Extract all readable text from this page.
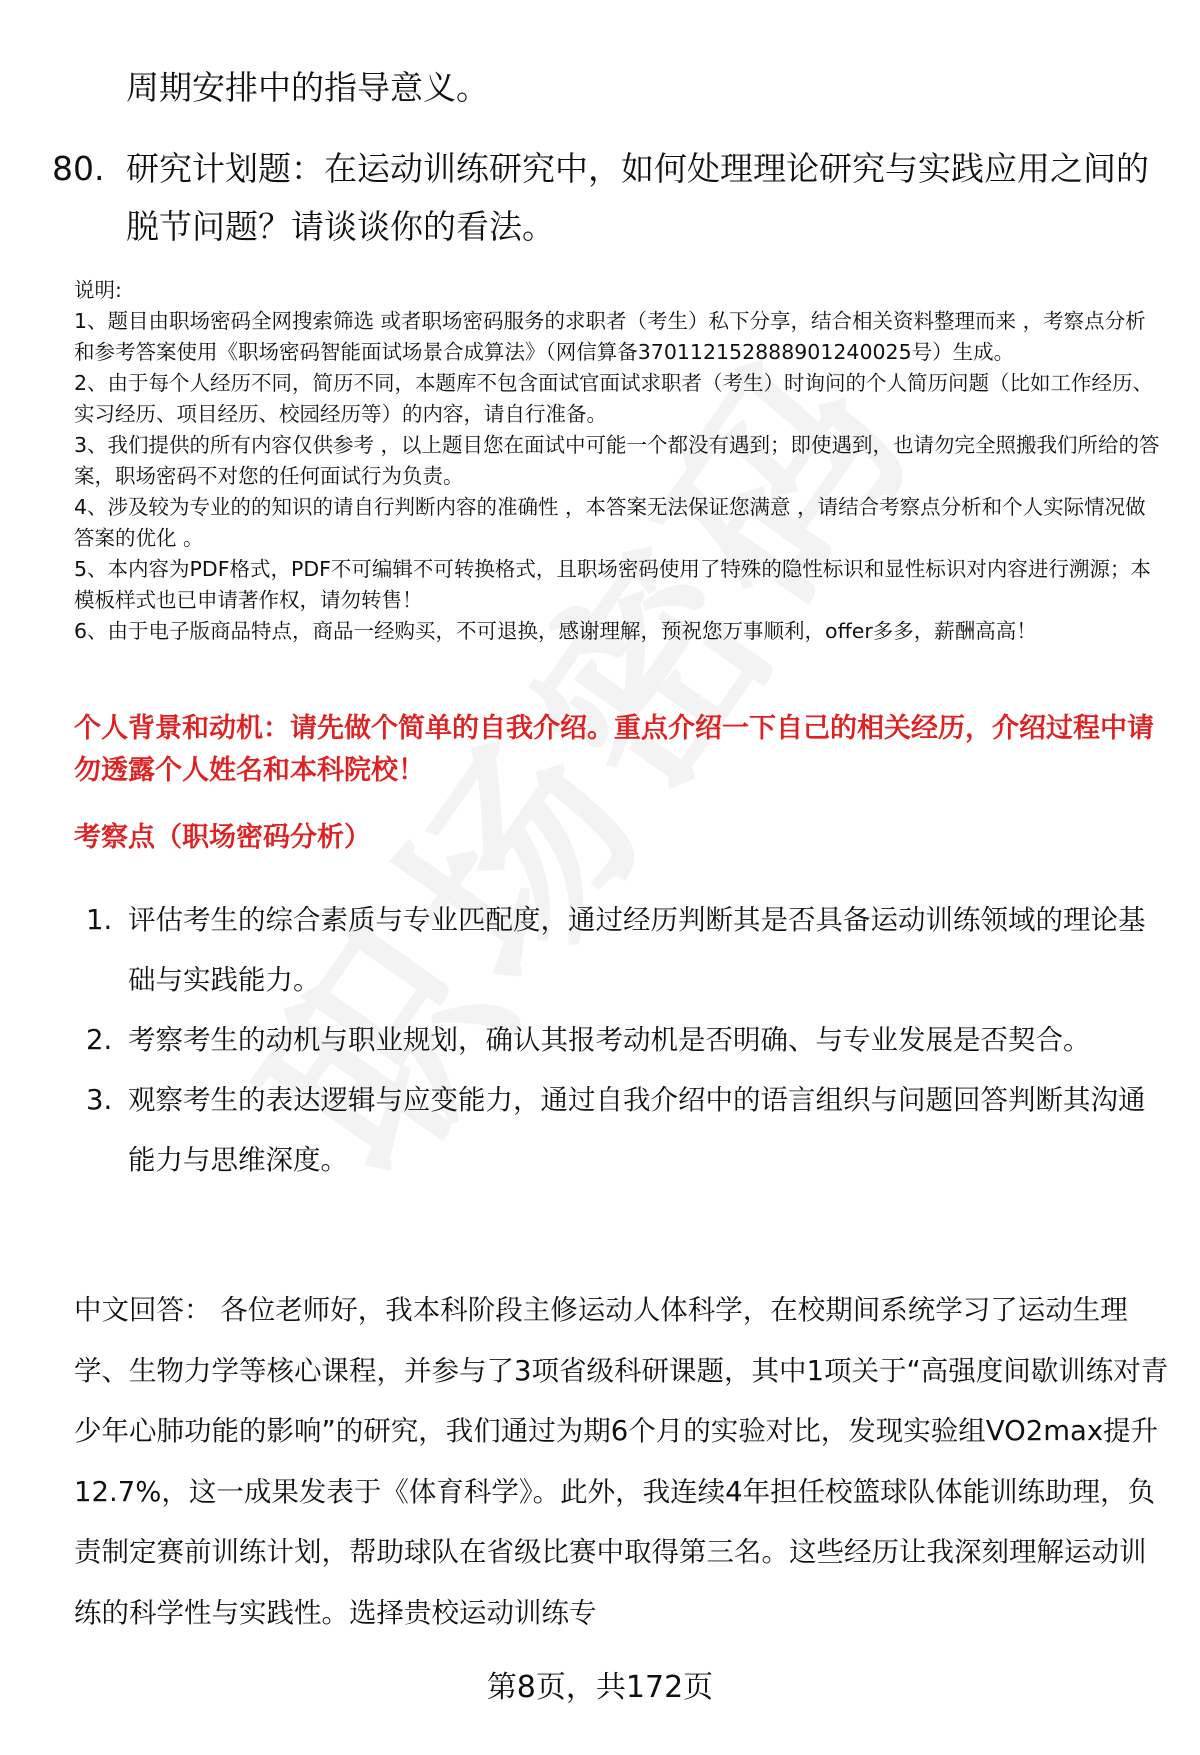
周期安排中的指导意义。
80. 研究计划题：在运动训练研究中，如何处理理论研究与实践应用之间的脱节问题？请谈谈你的看法。

说明:

1、题目由职场密码全网搜索筛选 或者职场密码服务的求职者（考生）私下分享，结合相关资料整理而来 ，考察点分析和参考答案使用《职场密码智能面试场景合成算法》（网信算备370112152888901240025号）生成。

2、由于每个人经历不同，简历不同，本题库不包含面试官面试求职者（考生）时询问的个人简历问题（比如工作经历、实习经历、项目经历、校园经历等）的内容，请自行准备。

3、我们提供的所有内容仅供参考 ，以上题目您在面试中可能一个都没有遇到；即使遇到，也请勿完全照搬我们所给的答案，职场密码不对您的任何面试行为负责。

4、涉及较为专业的的知识的请自行判断内容的准确性 ，本答案无法保证您满意 ，请结合考察点分析和个人实际情况做答案的优化 。

5、本内容为PDF格式，PDF不可编辑不可转换格式，且职场密码使用了特殊的隐性标识和显性标识对内容进行溯源；本模板样式也已申请著作权，请勿转售！

6、由于电子版商品特点，商品一经购买，不可退换，感谢理解，预祝您万事顺利，offer多多，薪酬高高！

个人背景和动机：请先做个简单的自我介绍。重点介绍一下自己的相关经历，介绍过程中请勿透露个人姓名和本科院校！
考察点（职场密码分析）
1. 评估考生的综合素质与专业匹配度，通过经历判断其是否具备运动训练领域的理论基础与实践能力。
2. 考察考生的动机与职业规划，确认其报考动机是否明确、与专业发展是否契合。
3. 观察考生的表达逻辑与应变能力，通过自我介绍中的语言组织与问题回答判断其沟通能力与思维深度。
中文回答： 各位老师好，我本科阶段主修运动人体科学，在校期间系统学习了运动生理学、生物力学等核心课程，并参与了3项省级科研课题，其中1项关于“高强度间歇训练对青少年心肺功能的影响”的研究，我们通过为期6个月的实验对比，发现实验组VO2max提升12.7%，这一成果发表于《体育科学》。此外，我连续4年担任校篮球队体能训练助理，负责制定赛前训练计划，帮助球队在省级比赛中取得第三名。这些经历让我深刻理解运动训练的科学性与实践性。选择贵校运动训练专
第8页，共172页
